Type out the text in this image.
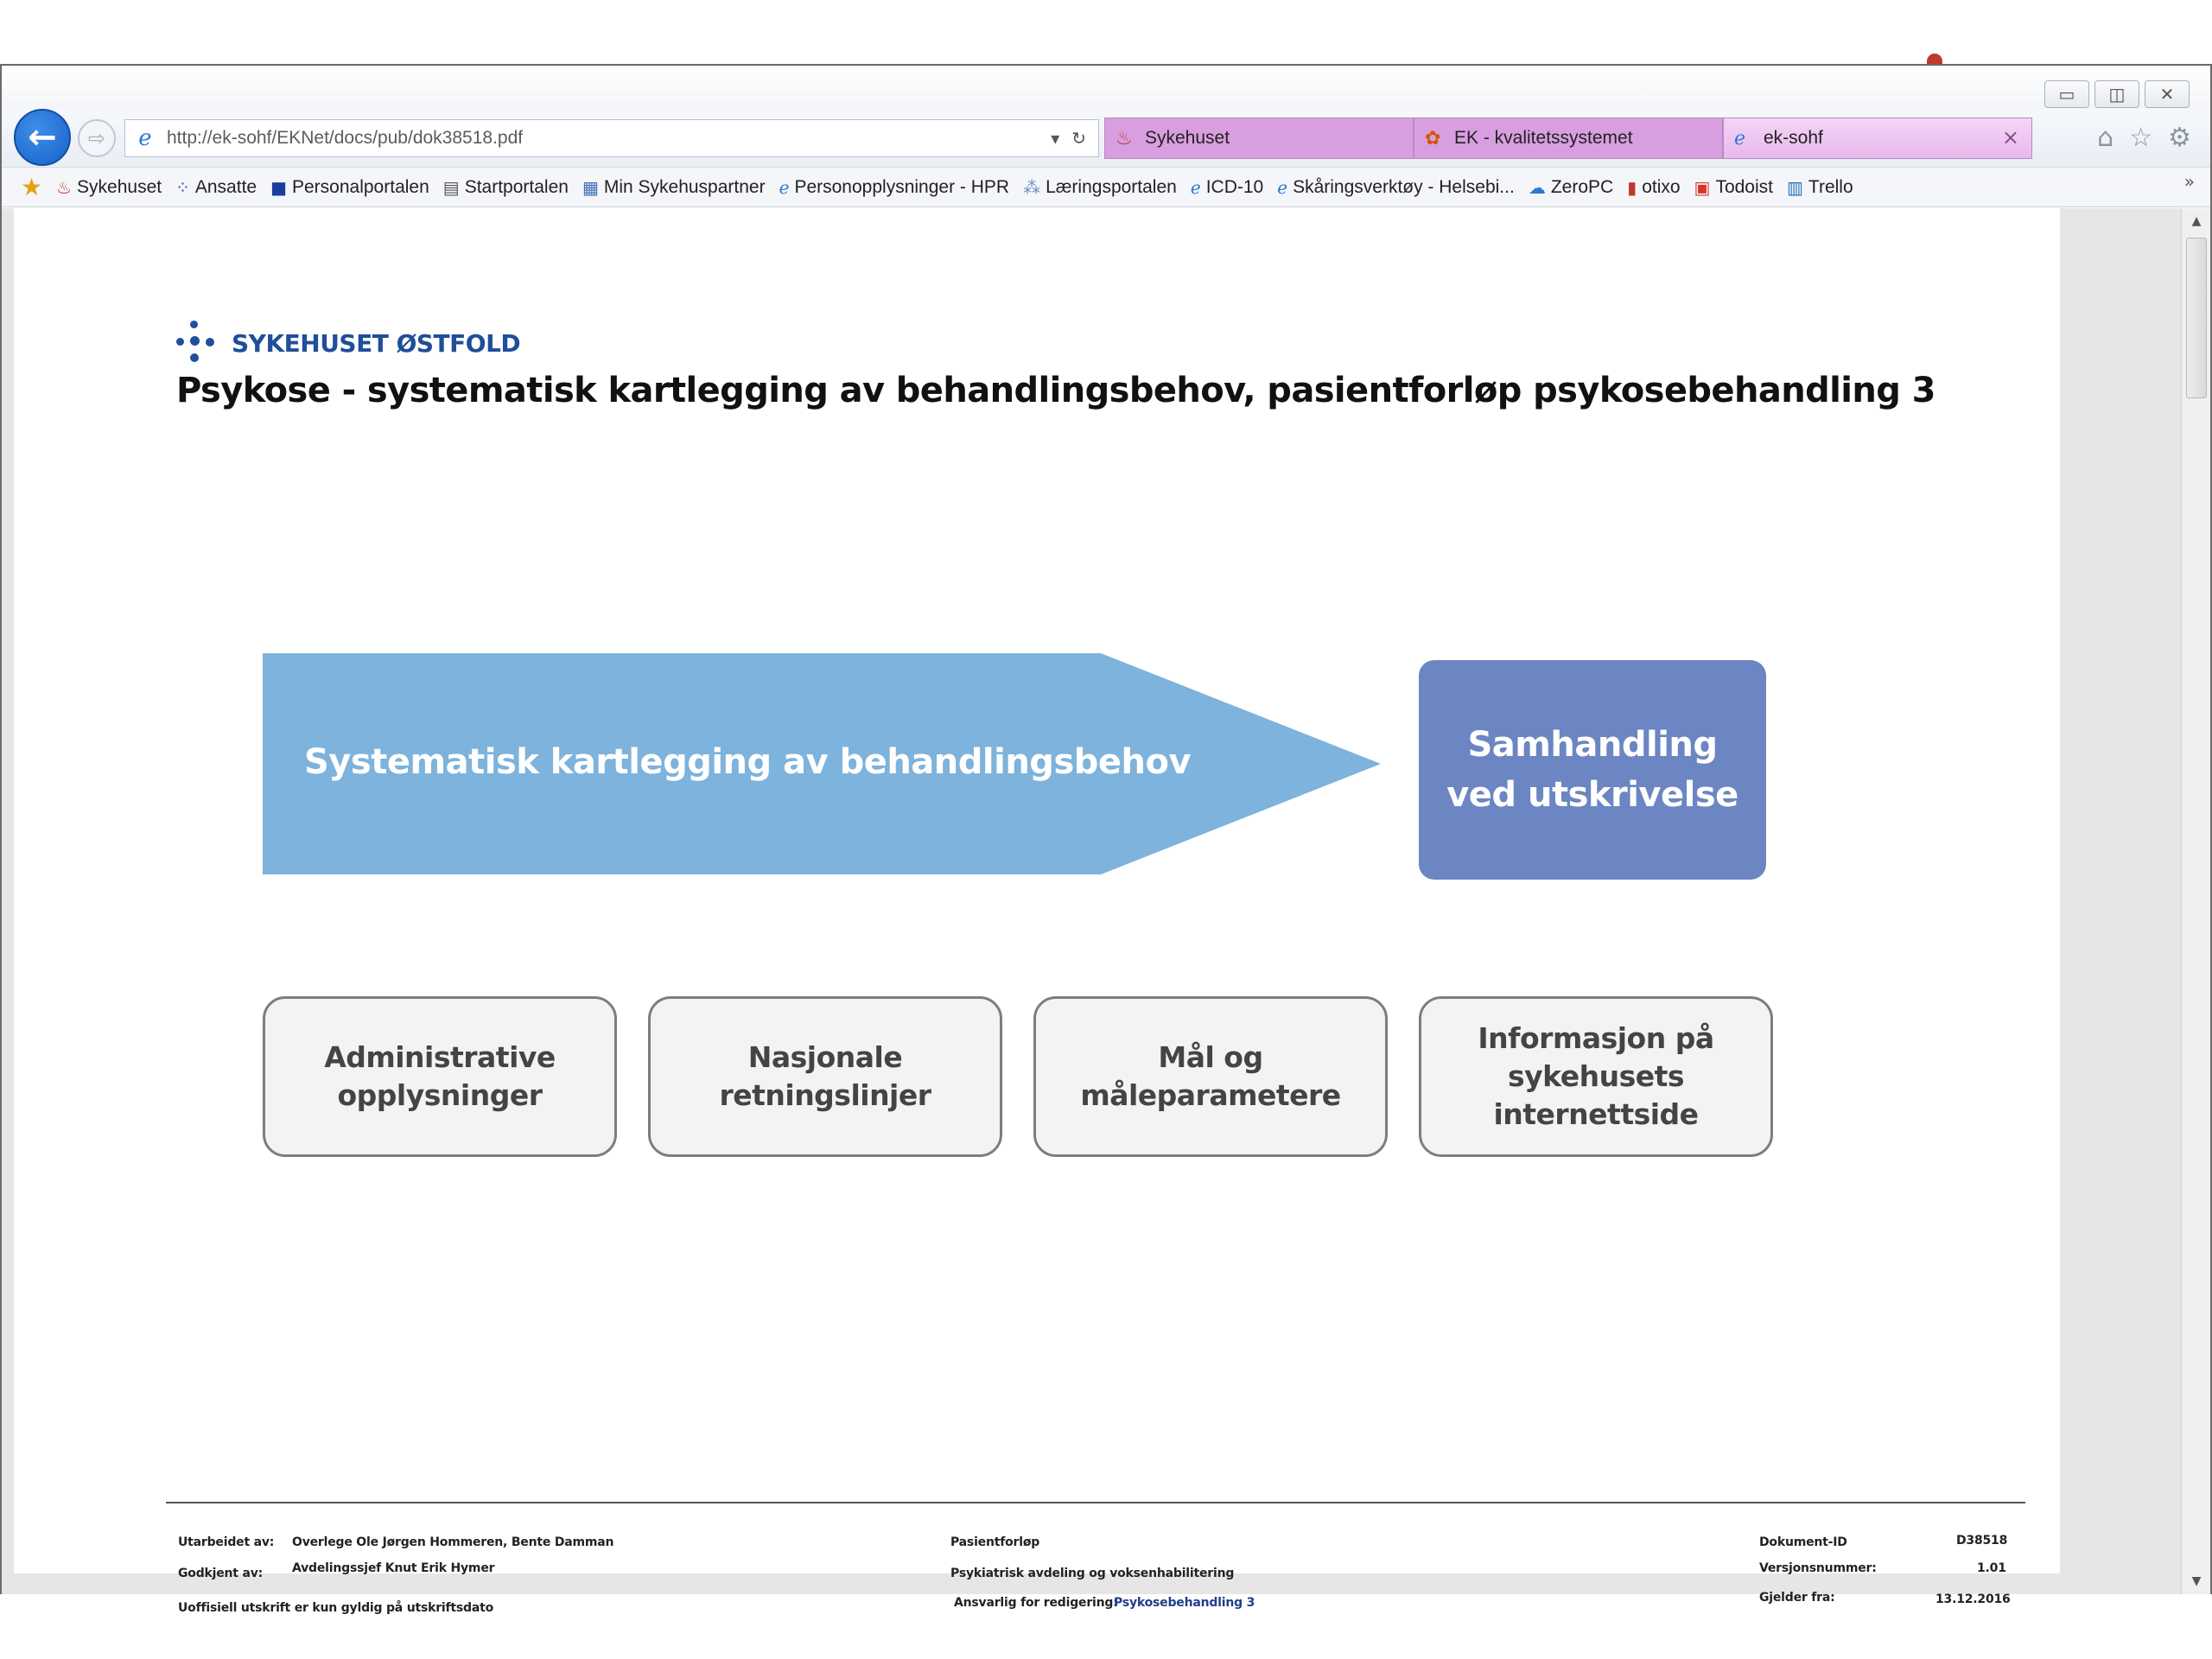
▭	◫	✕
← ⇨ ℯ http://ek-sohf/EKNet/docs/pub/dok38518.pdf	▾ ↻ ♨ Sykehuset	✿ EK - kvalitetssystemet	ℯ ek-sohf	×	⌂ ☆ ⚙
★ ♨ Sykehuset ⁘ Ansatte ■ Personalportalen ▤ Startportalen ▦ Min Sykehuspartner ℯ Personopplysninger - HPR ⁂ Læringsportalen ℯ ICD-10 ℯ Skåringsverktøy - Helsebi... ☁ ZeroPC ▮ otixo ▣ Todoist ▥ Trello	»
SYKEHUSET ØSTFOLD
Psykose - systematisk kartlegging av behandlingsbehov, pasientforløp psykosebehandling 3
Systematisk kartlegging av behandlingsbehov	Samhandling ved utskrivelse
Administrative opplysninger
Nasjonale retningslinjer
Mål og måleparametere
Informasjon på sykehusets internettside
Utarbeidet av: Overlege Ole Jørgen Hommeren, Bente Damman
Godkjent av: Avdelingssjef Knut Erik Hymer
Uoffisiell utskrift er kun gyldig på utskriftsdato
Pasientforløp
Psykiatrisk avdeling og voksenhabilitering
Ansvarlig for redigering:
Psykosebehandling 3
Dokument-ID	D38518
Versjonsnummer:	1.01
Gjelder fra:	13.12.2016
▲
▼
